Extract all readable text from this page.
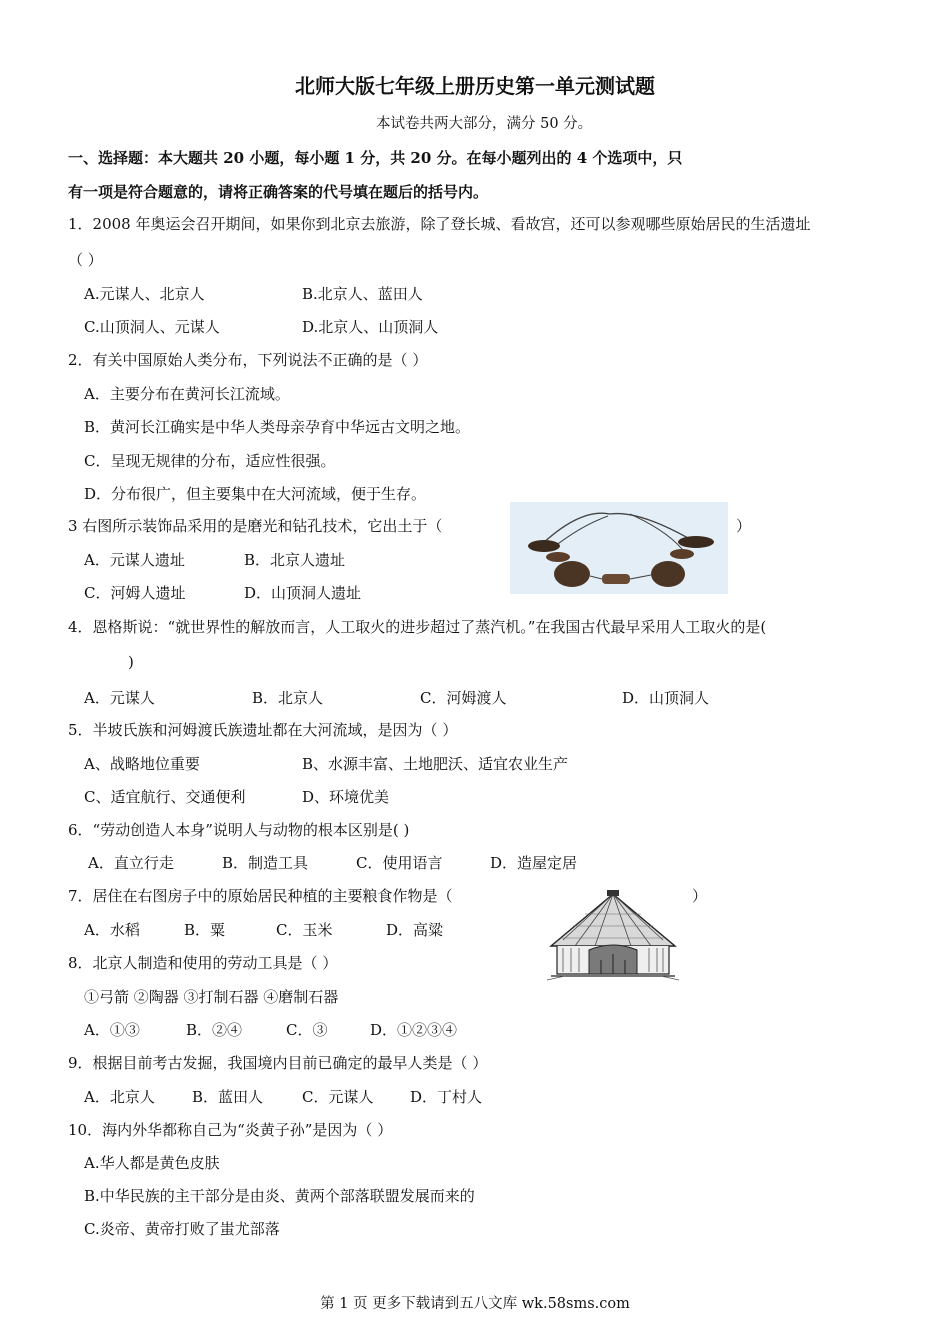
北师大版七年级上册历史第一单元测试题
本试卷共两大部分，满分 50 分。
一、选择题：本大题共 20 小题，每小题 1 分，共 20 分。在每小题列出的 4 个选项中，只
有一项是符合题意的，请将正确答案的代号填在题后的括号内。
1．2008 年奥运会召开期间，如果你到北京去旅游，除了登长城、看故宫，还可以参观哪些原始居民的生活遗址
（ ）
A.元谋人、北京人	B.北京人、蓝田人
C.山顶洞人、元谋人	D.北京人、山顶洞人
2．有关中国原始人类分布，下列说法不正确的是（ ）
A．主要分布在黄河长江流域。
B．黄河长江确实是中华人类母亲孕育中华远古文明之地。
C．呈现无规律的分布，适应性很强。
D．分布很广，但主要集中在大河流域，便于生存。
3 右图所示装饰品采用的是磨光和钻孔技术，它出土于（	）
A．元谋人遗址	B．北京人遗址
C．河姆人遗址	D．山顶洞人遗址
4．恩格斯说：“就世界性的解放而言，人工取火的进步超过了蒸汽机。”在我国古代最早采用人工取火的是(
)
A．元谋人	B．北京人	C．河姆渡人	D．山顶洞人
5．半坡氏族和河姆渡氏族遗址都在大河流域，是因为（ ）
A、战略地位重要	B、水源丰富、土地肥沃、适宜农业生产
C、适宜航行、交通便利	D、环境优美
6．“劳动创造人本身”说明人与动物的根本区别是( )
A．直立行走	B．制造工具	C．使用语言	D．造屋定居
7．居住在右图房子中的原始居民种植的主要粮食作物是（	）
A．水稻	B．粟	C．玉米	D．高粱
8．北京人制造和使用的劳动工具是（ ）
①弓箭 ②陶器 ③打制石器 ④磨制石器
A．①③	B．②④	C．③	D．①②③④
9．根据目前考古发掘，我国境内目前已确定的最早人类是（ ）
A．北京人 B．蓝田人	C．元谋人 D．丁村人
10．海内外华都称自己为“炎黄子孙”是因为（ ）
A.华人都是黄色皮肤
B.中华民族的主干部分是由炎、黄两个部落联盟发展而来的
C.炎帝、黄帝打败了蚩尤部落
第 1 页 更多下载请到五八文库 wk.58sms.com
